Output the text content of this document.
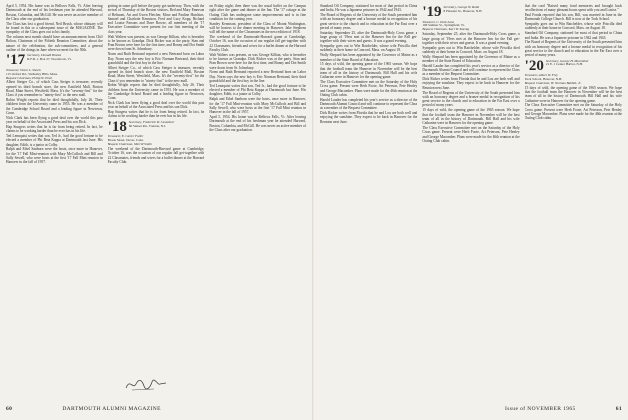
April 5, 1954. His home was in Bellows Falls, Vt. After leaving Dartmouth at the end of his freshman year he attended Harvard, Boston, Columbia, and McGill. He was never an active member of the Class after our graduation.

The Class has lost a good friend, Neil Brush, whose obituary will be found in this or a subsequent issue of the MAGAZINE. The sympathy of the Class goes out to his family.

The column next month should have an announcement from Cliff Bolton, Chairman of the Fiftieth Reunion Committee, about the nature of the celebration, the sub-committees, and a general outline of the doings in June when we meet for the 50th.

'17 Secretary, Donald Brooks
R.F.D. 1, Box 27, Woodstock, Vt.
Treasurer, Victor L. Sheets
115 Oxford Rd., Wellesley Hills, Mass.
Bequest Chairman, Philip W. Pratt

Albert Steiger Co., of which Cass Steiger is treasurer, recently opened its third branch store, the new Eastfield Mall, Boston Road, Main Street, Westfield, Mass. It's the "seventy-first" for the Class if you remember to "ninety-first" to the new mall.

Robin Wright reports that he died thoughtfully, July 26. Their children from the University came in 1953. He was a member of the Cambridge School Board and a leading figure in Newtown, Conn.

Nick Clark has been flying a good deal over the world this past year on behalf of the Associated Press and his son Dick.

Hap Sturgess writes that he is far from being retired. In fact, he claims to be working harder than he ever has in his life.

Ted Lennquist writes that son, Ted Jr., had the good fortune to be elected a member of Phi Beta Kappa at Dartmouth last June. His daughter, Edith, is a junior at Colby.

Ralph and Ethel Sanborn were the hosts, once more in Hanover, for the '17 Fall Mini-reunion with Mary McCulloch and Bill and Sally Sewell, who were hosts at the first '17 Fall Mini reunion in Hanover in the fall of 1957.

getting in some golf before the party got underway. Then, with the arrival of Thursday of the Boston visitors, Red and Mary Emerson of Belmont, Art and Gwen Fletcher, Mose and Pauline Hutchins, Samuel and Charlotte Kennison, Fred and Lucy Kopp, Richard and Louise Parsons and Dave Rowse, all members of the '17 Executive Committee were present for our first meeting of the class year.

Walt Walters was present, as was George Killian, who is hereafter to be known as Grandpa. Dick Ricker was at the party. Stan and Fran Brown were here for the first time, and Bonny and Dot Smith were down from St. Johnsbury.

Norm and Ruth Bertrand reported a new Bertrand born on Labor Day. Norm says the new boy is Eric Norman Bertrand, their third grandchild and the first boy in the line.

Albert Steiger Co., of which Cass Steiger is treasurer, recently opened its third branch store, the new Eastfield Mall, Boston Road, Main Street, Westfield, Mass. It's the "seventy-first" for the Class if you remember to "ninety-first" to the new mall.

Robin Wright reports that he died thoughtfully, July 26. Their children from the University came in 1953. He was a member of the Cambridge School Board and a leading figure in Newtown, Conn.

Nick Clark has been flying a good deal over the world this past year on behalf of the Associated Press and his son Dick.

Hap Sturgess writes that he is far from being retired. In fact, he claims to be working harder than he ever has in his life.

'18 Secretary, Frederick W. Cassebeer
60 Sunset Rd., Trenton, N.J.
Treasurer, E. Carter Fuller
Brook Street, Dover, Conn.
Bequest Chairman, Merrill Smith

The weekend of the Dartmouth-Harvard game at Cambridge, October 16, was the occasion of our regular fall get-together with 22 Classmates, friends and wives for a buffet dinner at the Harvard Faculty Club.

on Friday night; then there was the usual buffet on the Campus right after the game and dinner at the Inn. The '17 cottage at the Outing Club has undergone some improvements and is in fine condition for the coming year.

Stanley Kennison, president of the Class of Mount Washington, will be hostess to the dinner meeting in Hanover. Jake Stephens will tell the name of the Classmates in the next edition of 1918.

The weekend of the Dartmouth-Harvard game at Cambridge, October 16, was the occasion of our regular fall get-together with 22 Classmates, friends and wives for a buffet dinner at the Harvard Faculty Club.

Walt Walters was present, as was George Killian, who is hereafter to be known as Grandpa. Dick Ricker was at the party. Stan and Fran Brown were here for the first time, and Bonny and Dot Smith were down from St. Johnsbury.

Norm and Ruth Bertrand reported a new Bertrand born on Labor Day. Norm says the new boy is Eric Norman Bertrand, their third grandchild and the first boy in the line.

Ted Lennquist writes that son, Ted Jr., had the good fortune to be elected a member of Phi Beta Kappa at Dartmouth last June. His daughter, Edith, is a junior at Colby.

Ralph and Ethel Sanborn were the hosts, once more in Hanover, for the '17 Fall Mini-reunion with Mary McCulloch and Bill and Sally Sewell, who were hosts at the first '17 Fall Mini reunion in Hanover in the fall of 1957.

April 5, 1954. His home was in Bellows Falls, Vt. After leaving Dartmouth at the end of his freshman year he attended Harvard, Boston, Columbia, and McGill. He was never an active member of the Class after our graduation.

60	DARTMOUTH ALUMNI MAGAZINE

Standard Oil Company, stationed for most of that period in China and India. He was a Japanese prisoner in 1942 and 1943.

The Board of Regents of the University of the South presented him with an honorary degree and a bronze medal in recognition of his great service to the church and to education in the Far East over a period of many years.

Saturday, September 25, after the Dartmouth-Holy Cross game, a large group of '19ers met at the Hanover Inn for the Fall get-together with their wives and guests. It was a grand evening.

Sympathy goes out to Win Batchelder, whose wife Priscilla died suddenly at their home in Concord, Mass. on August 18.

Wally Shepard has been appointed by the Governor of Maine as a member of the State Board of Education.

15 days of wild, the opening game of the 1965 season. We hope that the football team the Hanover in November will be the best team of all in the history of Dartmouth. Bill Hall and his wife Catharine were in Hanover for the opening game.

The Class Executive Committee met on the Saturday of the Holy Cross game. Present were Herb Foote, Art Peterson, Pete Henley and George Macomber. Plans were made for the 46th reunion at the Outing Club cabin.

Harold Lauder has completed his year's service as a director of the Dartmouth Alumni Council and will continue to represent the Class as a member of the Bequest Committee.

Dick Ricker writes from Florida that he and Lou are both well and enjoying the sunshine. They expect to be back in Hanover for the Reunion next June.

'19 Secretary, George W. Robb
8 Pleasant St., Hanover, N.H.
Treasurer, C. Park Lane
106 Sumner St., Springfield, Vt.
Bequest Chairman, Karl W. Koenig

Saturday, September 25, after the Dartmouth-Holy Cross game, a large group of '19ers met at the Hanover Inn for the Fall get-together with their wives and guests. It was a grand evening.

Sympathy goes out to Win Batchelder, whose wife Priscilla died suddenly at their home in Concord, Mass. on August 18.

Wally Shepard has been appointed by the Governor of Maine as a member of the State Board of Education.

Harold Lauder has completed his year's service as a director of the Dartmouth Alumni Council and will continue to represent the Class as a member of the Bequest Committee.

Dick Ricker writes from Florida that he and Lou are both well and enjoying the sunshine. They expect to be back in Hanover for the Reunion next June.

The Board of Regents of the University of the South presented him with an honorary degree and a bronze medal in recognition of his great service to the church and to education in the Far East over a period of many years.

15 days of wild, the opening game of the 1965 season. We hope that the football team the Hanover in November will be the best team of all in the history of Dartmouth. Bill Hall and his wife Catharine were in Hanover for the opening game.

The Class Executive Committee met on the Saturday of the Holy Cross game. Present were Herb Foote, Art Peterson, Pete Henley and George Macomber. Plans were made for the 46th reunion at the Outing Club cabin.

that the card "Raised many fond memories and brought back recollections of many pleasant hours spent with you and Louise."

Paul Fonda reported that his son, Bill, was married in June in the Dartmouth College Church. Bill is now at the Tuck School.

Sympathy goes out to Win Batchelder, whose wife Priscilla died suddenly at their home in Concord, Mass. on August 18.

Standard Oil Company, stationed for most of that period in China and India. He was a Japanese prisoner in 1942 and 1943.

The Board of Regents of the University of the South presented him with an honorary degree and a bronze medal in recognition of his great service to the church and to education in the Far East over a period of many years.

'20 Secretary, George H. Macomber
21 E. 1 Center Harbor, N.H.
Treasurer, Albert W. Frey
Tuck School, Hanover, N.H.
Bequest Chairman, H. Norman Babbitt, Jr.

15 days of wild, the opening game of the 1965 season. We hope that the football team the Hanover in November will be the best team of all in the history of Dartmouth. Bill Hall and his wife Catharine were in Hanover for the opening game.

The Class Executive Committee met on the Saturday of the Holy Cross game. Present were Herb Foote, Art Peterson, Pete Henley and George Macomber. Plans were made for the 46th reunion at the Outing Club cabin.

Issue of NOVEMBER 1965	61
